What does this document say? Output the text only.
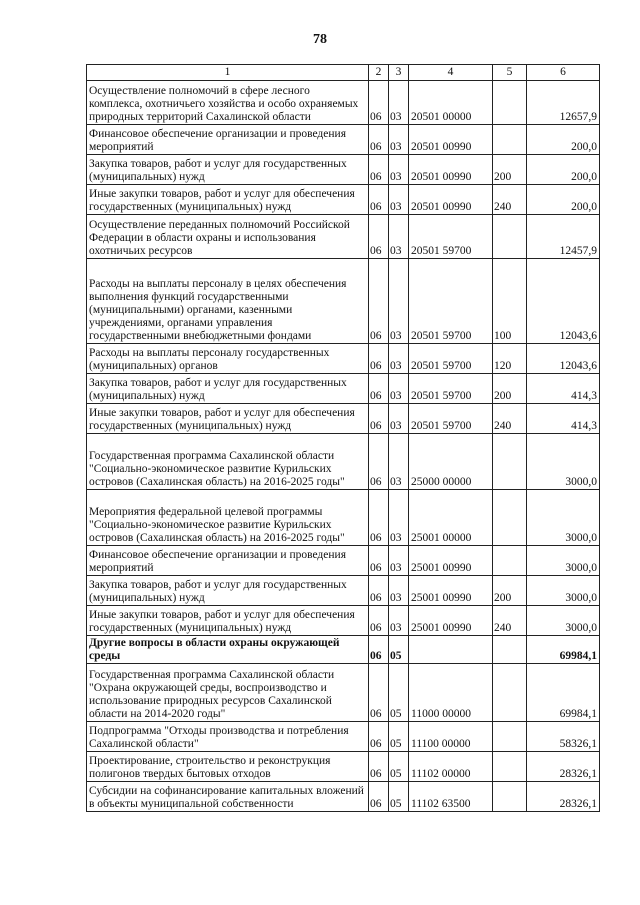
78
1	2	3	4	5	6
Осуществление полномочий в сфере лесного комплекса, охотничьего хозяйства и особо охраняемых природных территорий Сахалинской области	06	03	20501 00000		12657,9
Финансовое обеспечение организации и проведения мероприятий	06	03	20501 00990		200,0
Закупка товаров, работ и услуг для государственных (муниципальных) нужд	06	03	20501 00990	200	200,0
Иные закупки товаров, работ и услуг для обеспечения государственных (муниципальных) нужд	06	03	20501 00990	240	200,0
Осуществление переданных полномочий Российской Федерации в области охраны и использования охотничьих ресурсов	06	03	20501 59700		12457,9
Расходы на выплаты персоналу в целях обеспечения выполнения функций государственными (муниципальными) органами, казенными учреждениями, органами управления государственными внебюджетными фондами	06	03	20501 59700	100	12043,6
Расходы на выплаты персоналу государственных (муниципальных) органов	06	03	20501 59700	120	12043,6
Закупка товаров, работ и услуг для государственных (муниципальных) нужд	06	03	20501 59700	200	414,3
Иные закупки товаров, работ и услуг для обеспечения государственных (муниципальных) нужд	06	03	20501 59700	240	414,3
Государственная программа Сахалинской области "Социально-экономическое развитие Курильских островов (Сахалинская область) на 2016-2025 годы"	06	03	25000 00000		3000,0
Мероприятия федеральной целевой программы "Социально-экономическое развитие Курильских островов (Сахалинская область) на 2016-2025 годы"	06	03	25001 00000		3000,0
Финансовое обеспечение организации и проведения мероприятий	06	03	25001 00990		3000,0
Закупка товаров, работ и услуг для государственных (муниципальных) нужд	06	03	25001 00990	200	3000,0
Иные закупки товаров, работ и услуг для обеспечения государственных (муниципальных) нужд	06	03	25001 00990	240	3000,0
Другие вопросы в области охраны окружающей среды	06	05			69984,1
Государственная программа Сахалинской области "Охрана окружающей среды, воспроизводство и использование природных ресурсов Сахалинской области на 2014-2020 годы"	06	05	11000 00000		69984,1
Подпрограмма "Отходы производства и потребления Сахалинской области"	06	05	11100 00000		58326,1
Проектирование, строительство и реконструкция полигонов твердых бытовых отходов	06	05	11102 00000		28326,1
Субсидии на софинансирование капитальных вложений в объекты муниципальной собственности	06	05	11102 63500		28326,1
